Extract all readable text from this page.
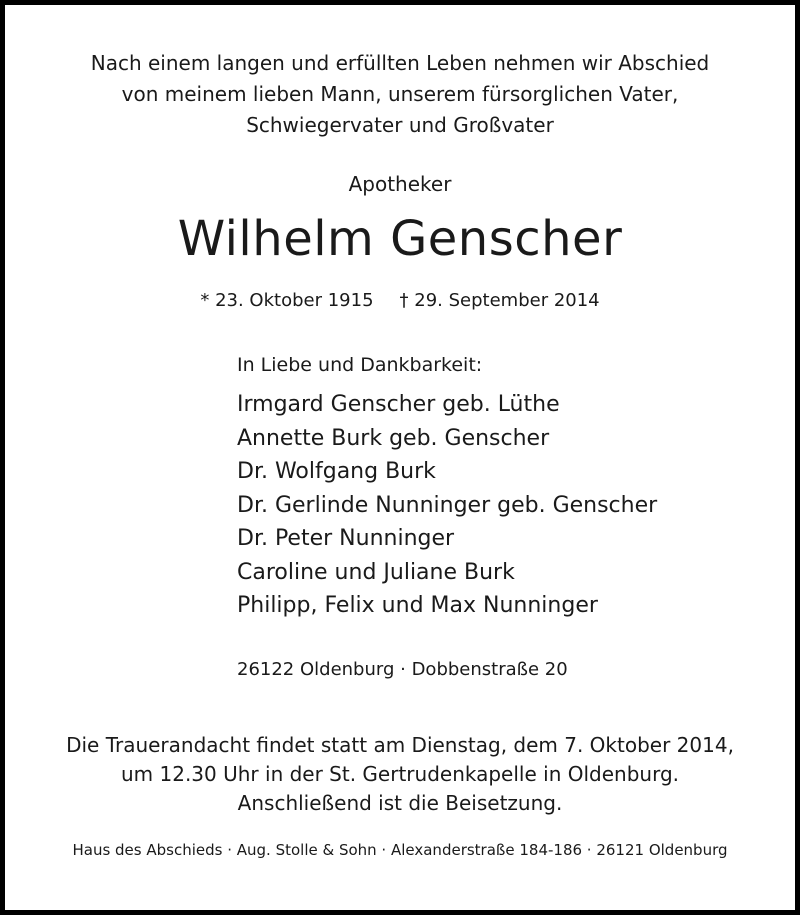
Nach einem langen und erfüllten Leben nehmen wir Abschied
von meinem lieben Mann, unserem fürsorglichen Vater,
Schwiegervater und Großvater
Apotheker
Wilhelm Genscher
* 23. Oktober 1915 † 29. September 2014
In Liebe und Dankbarkeit:
Irmgard Genscher geb. Lüthe
Annette Burk geb. Genscher
Dr. Wolfgang Burk
Dr. Gerlinde Nunninger geb. Genscher
Dr. Peter Nunninger
Caroline und Juliane Burk
Philipp, Felix und Max Nunninger
26122 Oldenburg · Dobbenstraße 20
Die Trauerandacht findet statt am Dienstag, dem 7. Oktober 2014,
um 12.30 Uhr in der St. Gertrudenkapelle in Oldenburg.
Anschließend ist die Beisetzung.
Haus des Abschieds · Aug. Stolle & Sohn · Alexanderstraße 184-186 · 26121 Oldenburg
